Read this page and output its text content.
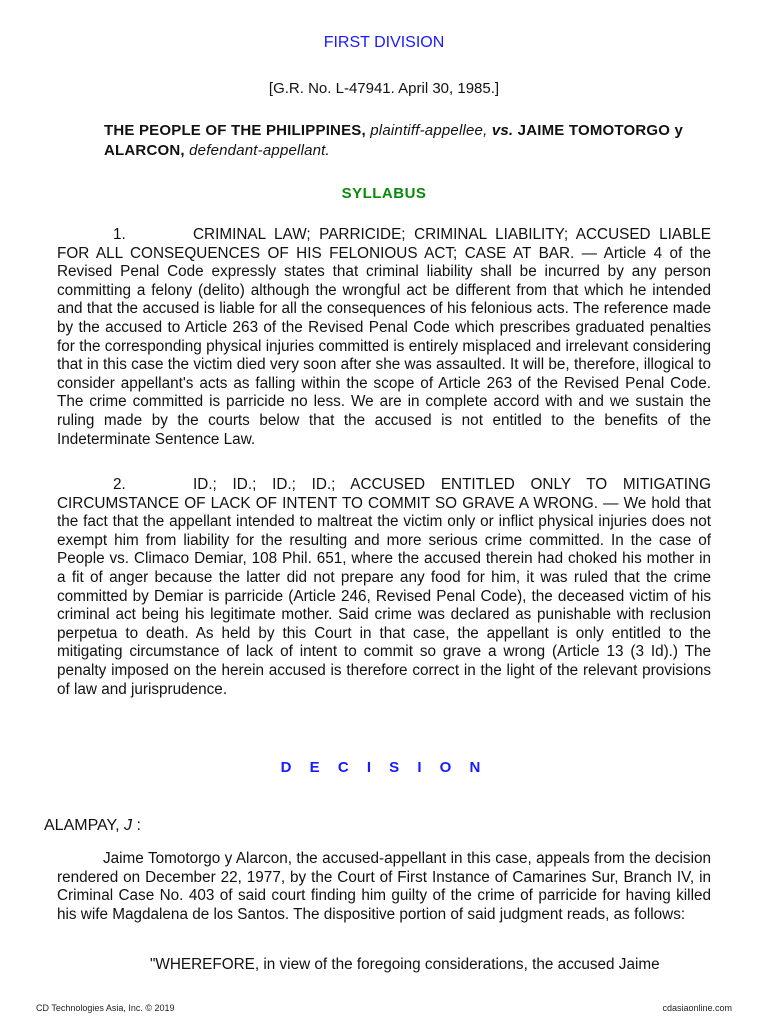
FIRST DIVISION
[G.R. No. L-47941. April 30, 1985.]
THE PEOPLE OF THE PHILIPPINES, plaintiff-appellee, vs. JAIME TOMOTORGO y ALARCON, defendant-appellant.
SYLLABUS

1.	CRIMINAL LAW; PARRICIDE; CRIMINAL LIABILITY; ACCUSED LIABLE FOR ALL CONSEQUENCES OF HIS FELONIOUS ACT; CASE AT BAR. — Article 4 of the Revised Penal Code expressly states that criminal liability shall be incurred by any person committing a felony (delito) although the wrongful act be different from that which he intended and that the accused is liable for all the consequences of his felonious acts. The reference made by the accused to Article 263 of the Revised Penal Code which prescribes graduated penalties for the corresponding physical injuries committed is entirely misplaced and irrelevant considering that in this case the victim died very soon after she was assaulted. It will be, therefore, illogical to consider appellant's acts as falling within the scope of Article 263 of the Revised Penal Code. The crime committed is parricide no less. We are in complete accord with and we sustain the ruling made by the courts below that the accused is not entitled to the benefits of the Indeterminate Sentence Law.

2.	ID.; ID.; ID.; ID.; ACCUSED ENTITLED ONLY TO MITIGATING CIRCUMSTANCE OF LACK OF INTENT TO COMMIT SO GRAVE A WRONG. — We hold that the fact that the appellant intended to maltreat the victim only or inflict physical injuries does not exempt him from liability for the resulting and more serious crime committed. In the case of People vs. Climaco Demiar, 108 Phil. 651, where the accused therein had choked his mother in a fit of anger because the latter did not prepare any food for him, it was ruled that the crime committed by Demiar is parricide (Article 246, Revised Penal Code), the deceased victim of his criminal act being his legitimate mother. Said crime was declared as punishable with reclusion perpetua to death. As held by this Court in that case, the appellant is only entitled to the mitigating circumstance of lack of intent to commit so grave a wrong (Article 13 (3 Id).) The penalty imposed on the herein accused is therefore correct in the light of the relevant provisions of law and jurisprudence.

D E C I S I O N
ALAMPAY, J :

Jaime Tomotorgo y Alarcon, the accused-appellant in this case, appeals from the decision rendered on December 22, 1977, by the Court of First Instance of Camarines Sur, Branch IV, in Criminal Case No. 403 of said court finding him guilty of the crime of parricide for having killed his wife Magdalena de los Santos. The dispositive portion of said judgment reads, as follows:

"WHEREFORE, in view of the foregoing considerations, the accused Jaime
CD Technologies Asia, Inc. © 2019	cdasiaonline.com
